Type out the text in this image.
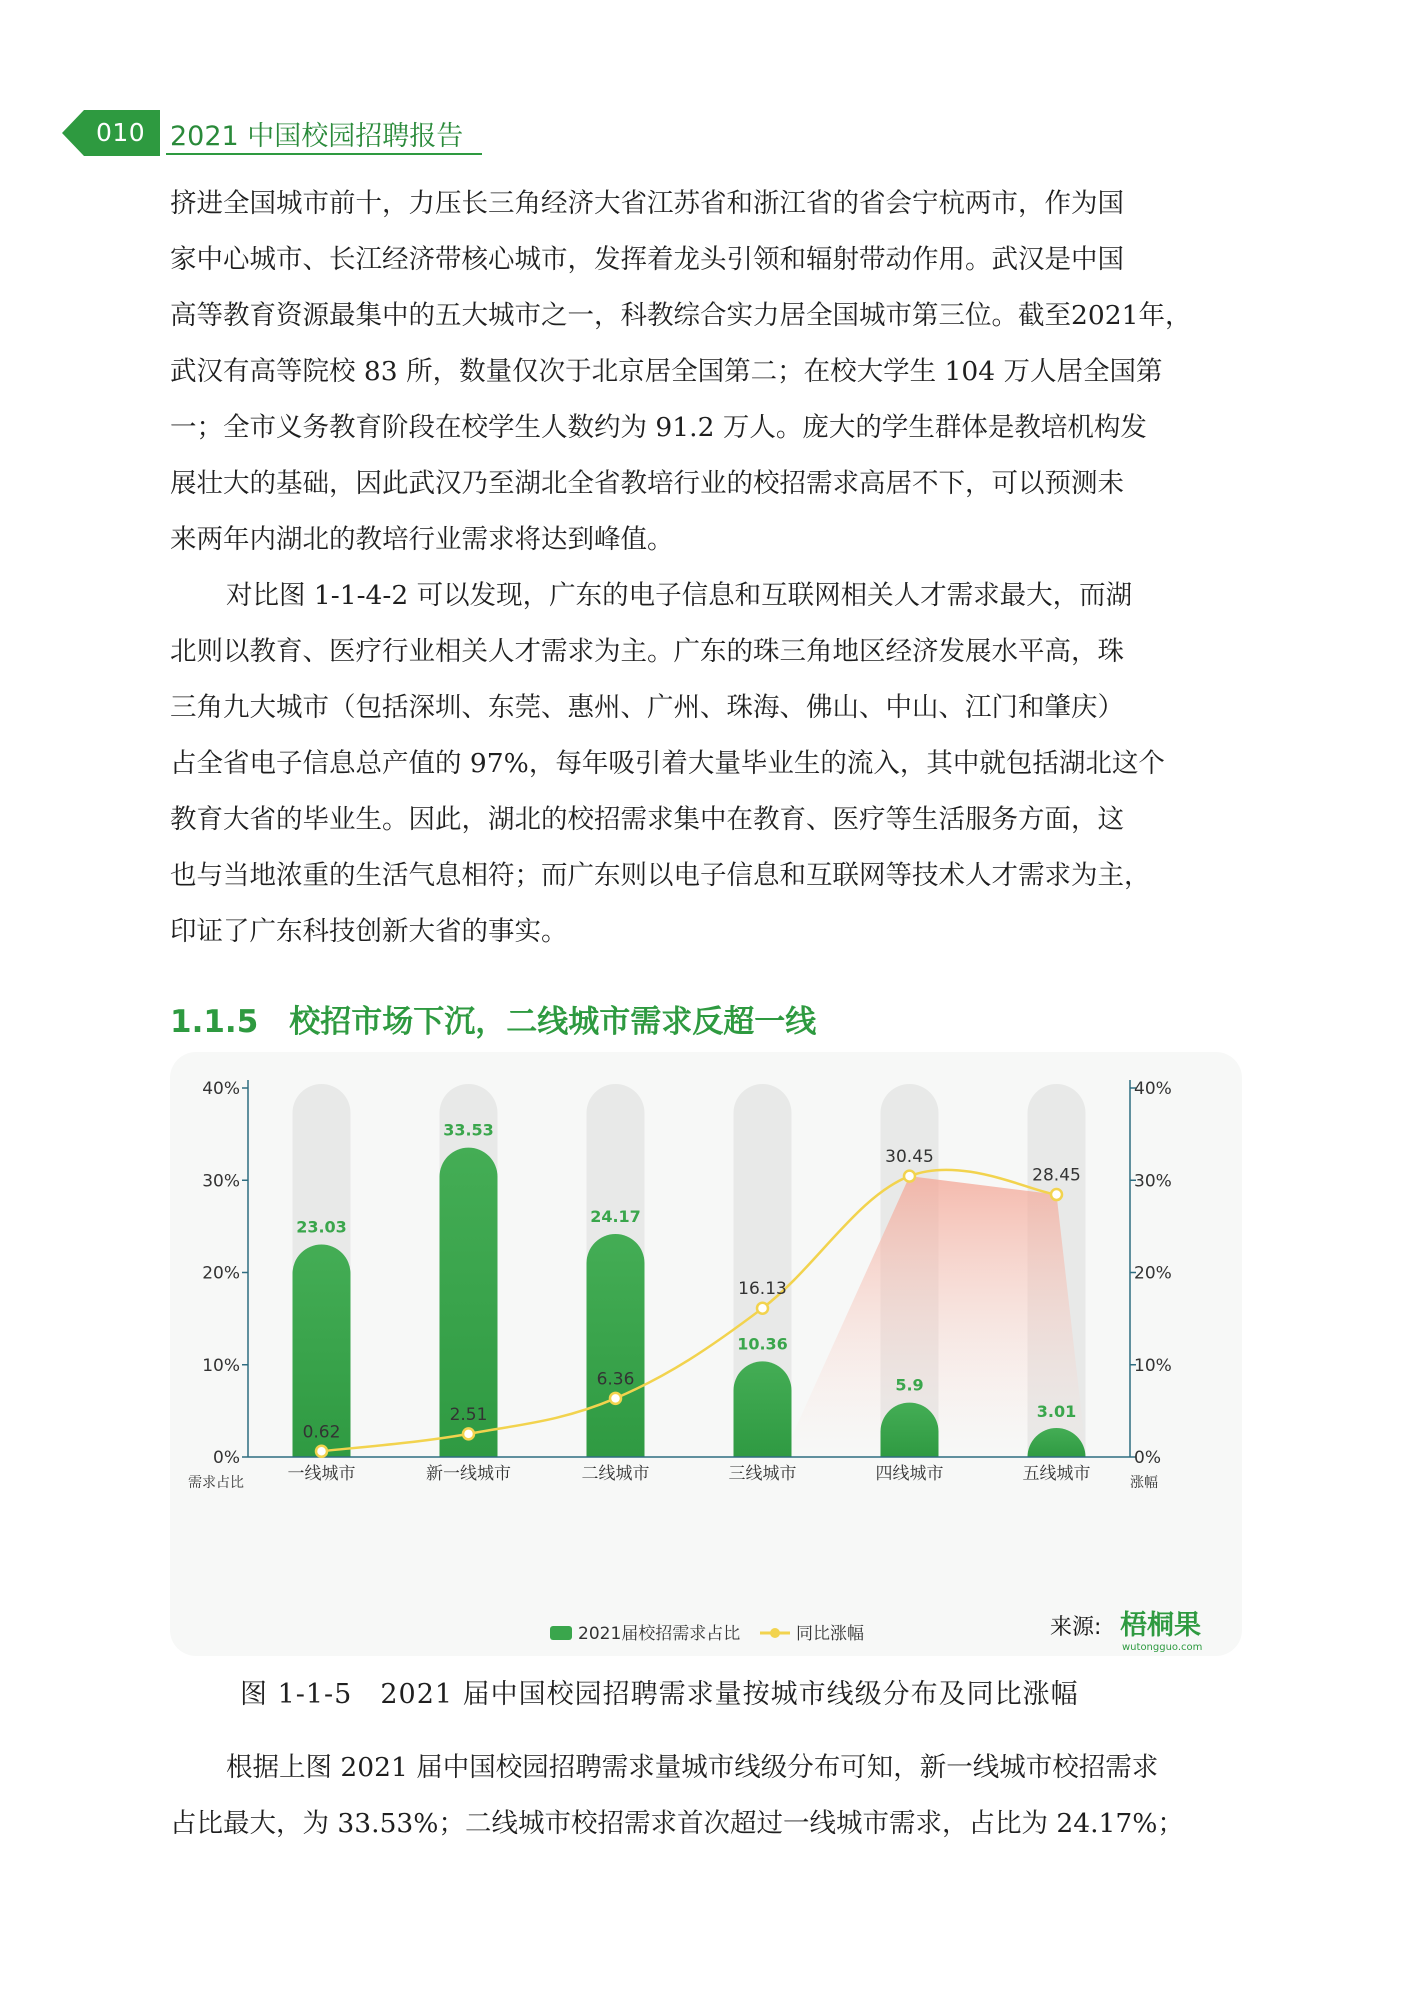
010 2021 中国校园招聘报告
挤进全国城市前十，力压长三角经济大省江苏省和浙江省的省会宁杭两市，作为国
家中心城市、长江经济带核心城市，发挥着龙头引领和辐射带动作用。武汉是中国
高等教育资源最集中的五大城市之一，科教综合实力居全国城市第三位。截至2021年，
武汉有高等院校 83 所，数量仅次于北京居全国第二；在校大学生 104 万人居全国第
一；全市义务教育阶段在校学生人数约为 91.2 万人。庞大的学生群体是教培机构发
展壮大的基础，因此武汉乃至湖北全省教培行业的校招需求高居不下，可以预测未
来两年内湖北的教培行业需求将达到峰值。
对比图 1-1-4-2 可以发现，广东的电子信息和互联网相关人才需求最大，而湖
北则以教育、医疗行业相关人才需求为主。广东的珠三角地区经济发展水平高，珠
三角九大城市（包括深圳、东莞、惠州、广州、珠海、佛山、中山、江门和肇庆）
占全省电子信息总产值的 97%，每年吸引着大量毕业生的流入，其中就包括湖北这个
教育大省的毕业生。因此，湖北的校招需求集中在教育、医疗等生活服务方面，这
也与当地浓重的生活气息相符；而广东则以电子信息和互联网等技术人才需求为主，
印证了广东科技创新大省的事实。
1.1.5　校招市场下沉，二线城市需求反超一线
0%
10%
20%
30%
40%
0%
10%
20%
30%
40%
需求占比	涨幅
一线城市	新一线城市	二线城市	三线城市	四线城市	五线城市
23.03
33.53
24.17
10.36
5.9
3.01
0.62
2.51
6.36
16.13
30.45
28.45
2021届校招需求占比	同比涨幅	来源: 梧桐果
wutongguo.com
图 1-1-5　2021 届中国校园招聘需求量按城市线级分布及同比涨幅
根据上图 2021 届中国校园招聘需求量城市线级分布可知，新一线城市校招需求
占比最大，为 33.53%；二线城市校招需求首次超过一线城市需求，占比为 24.17%；
